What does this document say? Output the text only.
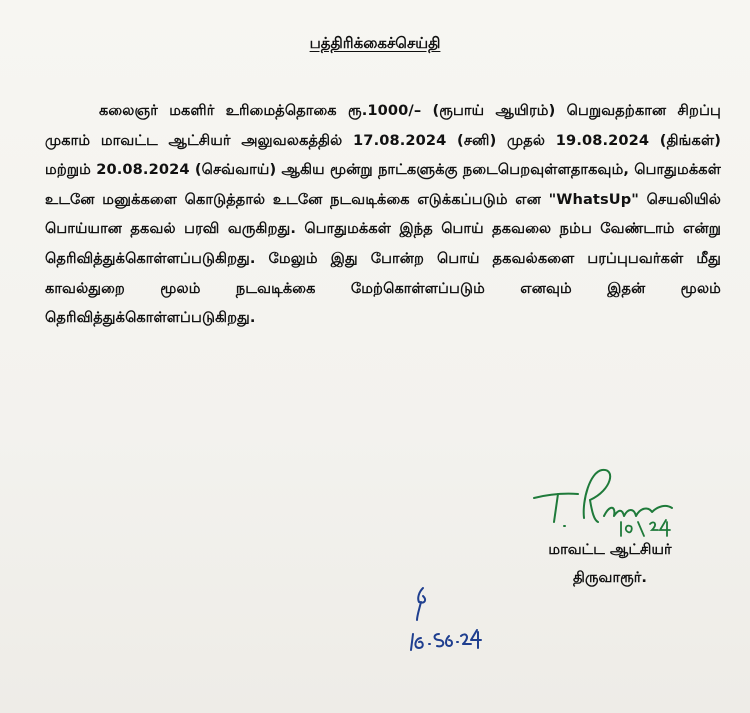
பத்திரிக்கைச்செய்தி

கலைஞர் மகளிர் உரிமைத்தொகை ரூ.1000/– (ரூபாய் ஆயிரம்) பெறுவதற்கான சிறப்பு முகாம் மாவட்ட ஆட்சியர் அலுவலகத்தில் 17.08.2024 (சனி) முதல் 19.08.2024 (திங்கள்) மற்றும் 20.08.2024 (செவ்வாய்) ஆகிய மூன்று நாட்களுக்கு நடைபெறவுள்ளதாகவும், பொதுமக்கள் உடனே மனுக்களை கொடுத்தால் உடனே நடவடிக்கை எடுக்கப்படும் என "WhatsUp" செயலியில் பொய்யான தகவல் பரவி வருகிறது. பொதுமக்கள் இந்த பொய் தகவலை நம்ப வேண்டாம் என்று தெரிவித்துக்கொள்ளப்படுகிறது. மேலும் இது போன்ற பொய் தகவல்களை பரப்புபவர்கள் மீது காவல்துறை மூலம் நடவடிக்கை மேற்கொள்ளப்படும் எனவும் இதன் மூலம் தெரிவித்துக்கொள்ளப்படுகிறது.

மாவட்ட ஆட்சியர்
திருவாரூர்.
